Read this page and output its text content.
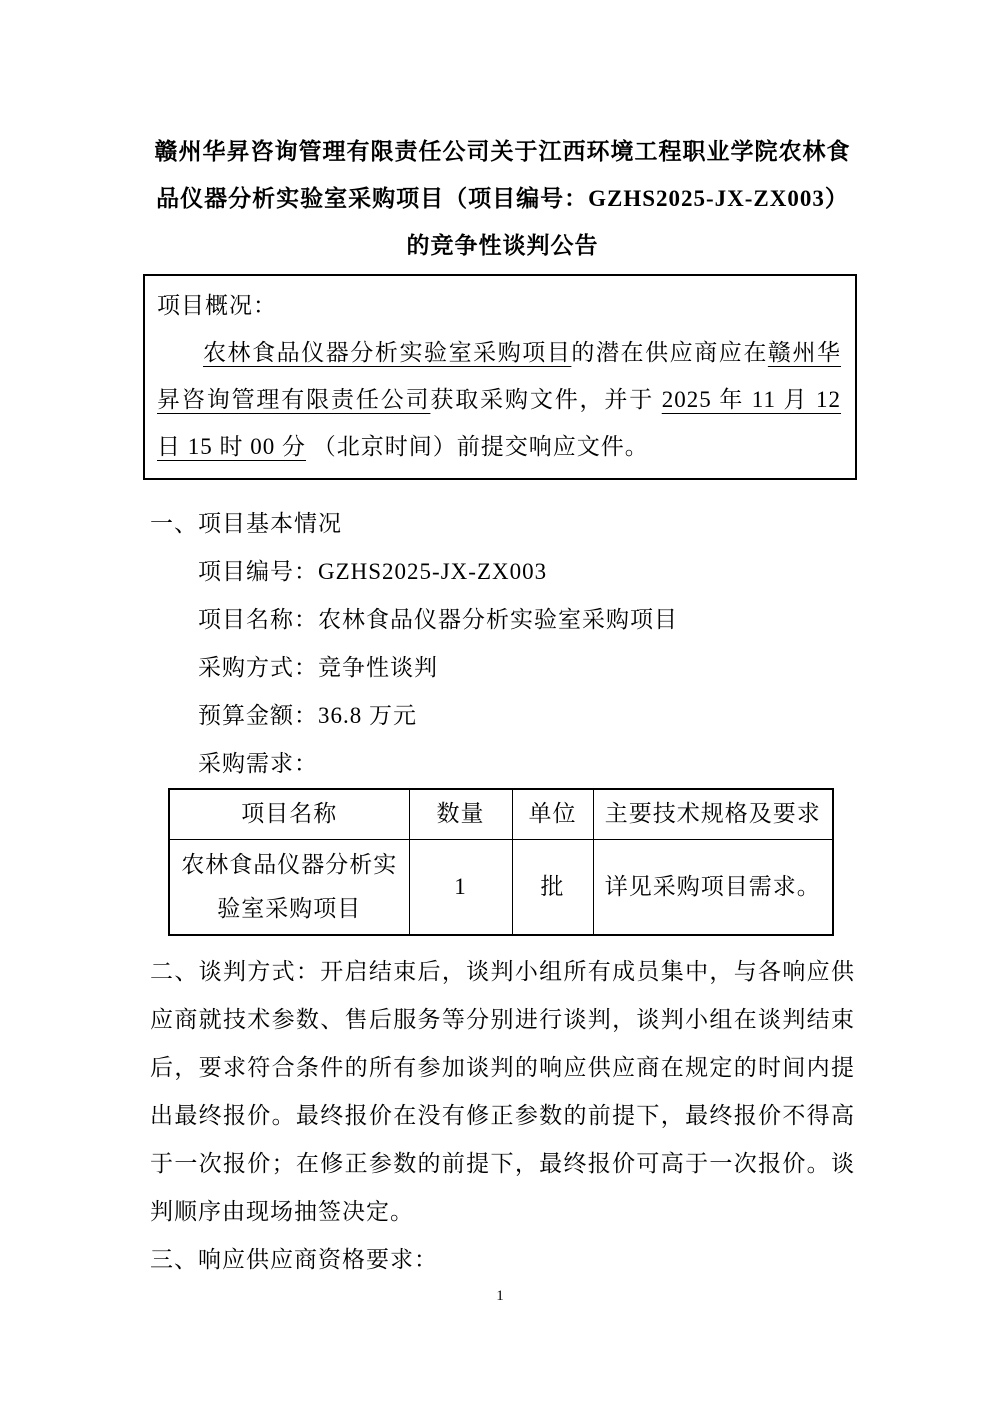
赣州华昇咨询管理有限责任公司关于江西环境工程职业学院农林食品仪器分析实验室采购项目（项目编号：GZHS2025-JX-ZX003）的竞争性谈判公告
项目概况：

农林食品仪器分析实验室采购项目的潜在供应商应在赣州华昇咨询管理有限责任公司获取采购文件，并于 2025 年 11 月 12 日 15 时 00 分 （北京时间）前提交响应文件。

一、项目基本情况
项目编号：GZHS2025-JX-ZX003
项目名称：农林食品仪器分析实验室采购项目
采购方式：竞争性谈判
预算金额：36.8 万元
采购需求：
项目名称	数量	单位	主要技术规格及要求
农林食品仪器分析实验室采购项目	1	批	详见采购项目需求。

二、谈判方式：开启结束后，谈判小组所有成员集中，与各响应供应商就技术参数、售后服务等分别进行谈判，谈判小组在谈判结束后，要求符合条件的所有参加谈判的响应供应商在规定的时间内提出最终报价。最终报价在没有修正参数的前提下，最终报价不得高于一次报价；在修正参数的前提下，最终报价可高于一次报价。谈判顺序由现场抽签决定。

三、响应供应商资格要求：
1
